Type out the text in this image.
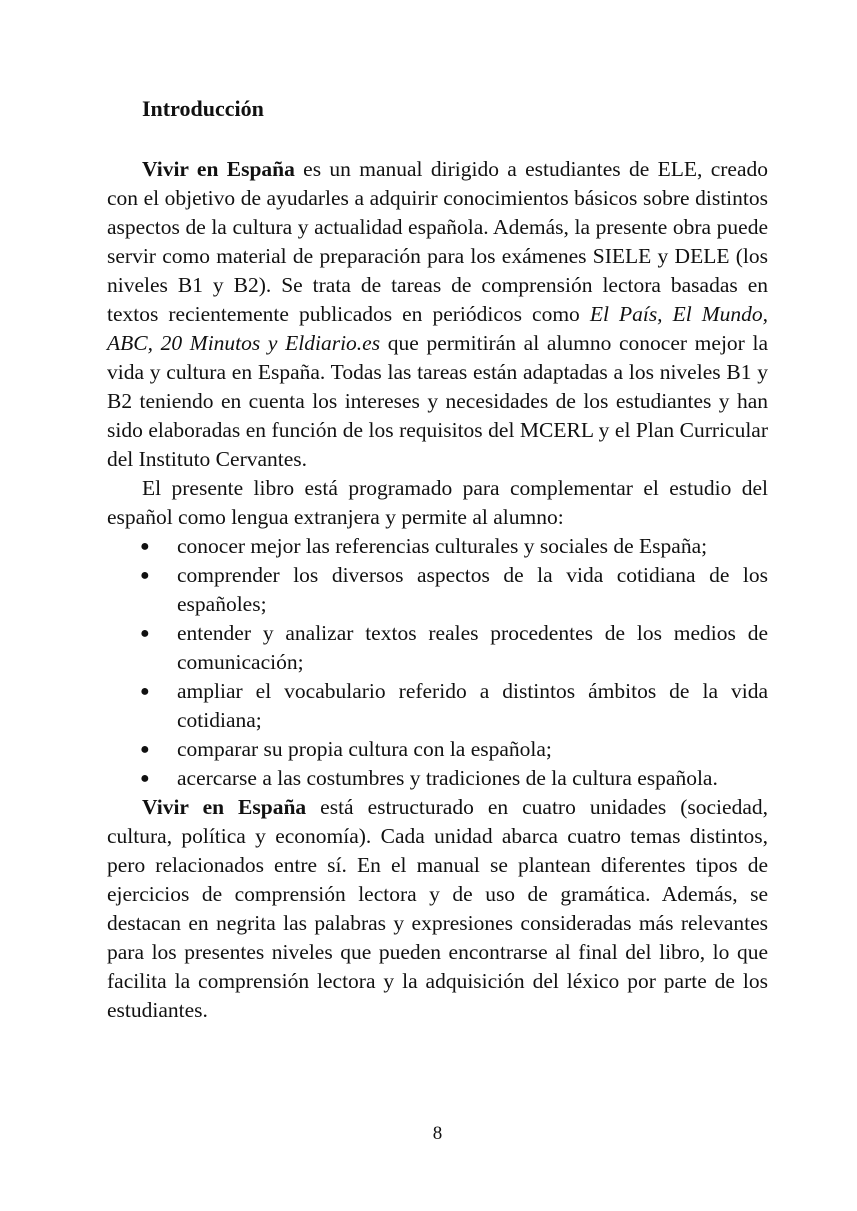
Introducción

Vivir en España es un manual dirigido a estudiantes de ELE, creado con el objetivo de ayudarles a adquirir conocimientos básicos sobre distintos aspectos de la cultura y actualidad española. Además, la presente obra puede servir como material de preparación para los exámenes SIELE y DELE (los niveles B1 y B2). Se trata de tareas de comprensión lectora basadas en textos recientemente publicados en periódicos como El País, El Mundo, ABC, 20 Minutos y Eldiario.es que permitirán al alumno conocer mejor la vida y cultura en España. Todas las tareas están adaptadas a los niveles B1 y B2 teniendo en cuenta los intereses y necesidades de los estudiantes y han sido elaboradas en función de los requisitos del MCERL y el Plan Curricular del Instituto Cervantes.

El presente libro está programado para complementar el estudio del español como lengua extranjera y permite al alumno:

● conocer mejor las referencias culturales y sociales de España;
● comprender los diversos aspectos de la vida cotidiana de los españoles;
● entender y analizar textos reales procedentes de los medios de comunicación;
● ampliar el vocabulario referido a distintos ámbitos de la vida cotidiana;
● comparar su propia cultura con la española;
● acercarse a las costumbres y tradiciones de la cultura española.

Vivir en España está estructurado en cuatro unidades (sociedad, cultura, política y economía). Cada unidad abarca cuatro temas distintos, pero relacionados entre sí. En el manual se plantean diferentes tipos de ejercicios de comprensión lectora y de uso de gramática. Además, se destacan en negrita las palabras y expresiones consideradas más relevantes para los presentes niveles que pueden encontrarse al final del libro, lo que facilita la comprensión lectora y la adquisición del léxico por parte de los estudiantes.

8
